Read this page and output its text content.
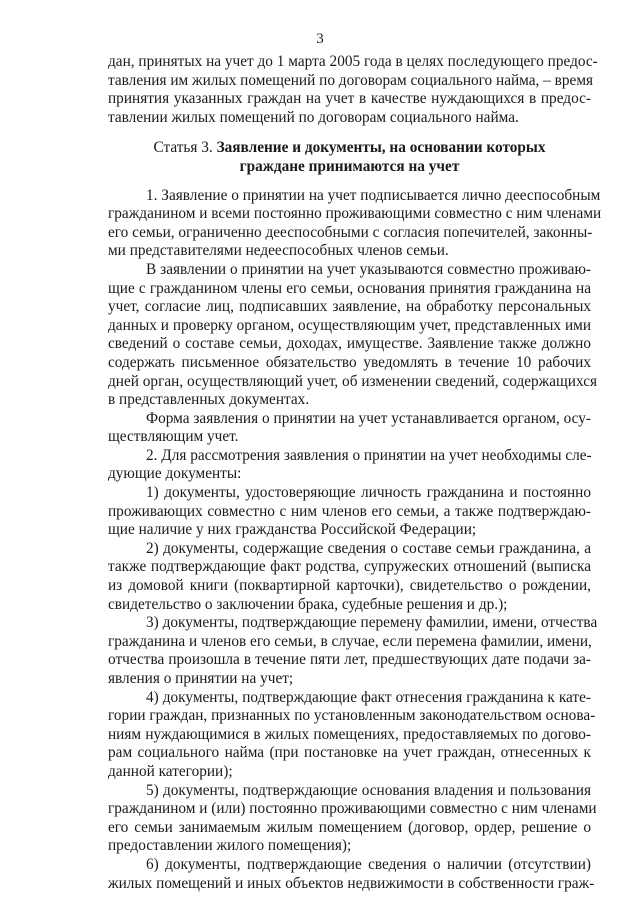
3
дан, принятых на учет до 1 марта 2005 года в целях последующего предос-
тавления им жилых помещений по договорам социального найма, – время
принятия указанных граждан на учет в качестве нуждающихся в предос-
тавлении жилых помещений по договорам социального найма.
Статья 3. Заявление и документы, на основании которых
граждане принимаются на учет
1. Заявление о принятии на учет подписывается лично дееспособным
гражданином и всеми постоянно проживающими совместно с ним членами
его семьи, ограниченно дееспособными с согласия попечителей, законны-
ми представителями недееспособных членов семьи.
В заявлении о принятии на учет указываются совместно проживаю-
щие с гражданином члены его семьи, основания принятия гражданина на
учет, согласие лиц, подписавших заявление, на обработку персональных
данных и проверку органом, осуществляющим учет, представленных ими
сведений о составе семьи, доходах, имуществе. Заявление также должно
содержать письменное обязательство уведомлять в течение 10 рабочих
дней орган, осуществляющий учет, об изменении сведений, содержащихся
в представленных документах.
Форма заявления о принятии на учет устанавливается органом, осу-
ществляющим учет.
2. Для рассмотрения заявления о принятии на учет необходимы сле-
дующие документы:
1) документы, удостоверяющие личность гражданина и постоянно
проживающих совместно с ним членов его семьи, а также подтверждаю-
щие наличие у них гражданства Российской Федерации;
2) документы, содержащие сведения о составе семьи гражданина, а
также подтверждающие факт родства, супружеских отношений (выписка
из домовой книги (поквартирной карточки), свидетельство о рождении,
свидетельство о заключении брака, судебные решения и др.);
3) документы, подтверждающие перемену фамилии, имени, отчества
гражданина и членов его семьи, в случае, если перемена фамилии, имени,
отчества произошла в течение пяти лет, предшествующих дате подачи за-
явления о принятии на учет;
4) документы, подтверждающие факт отнесения гражданина к кате-
гории граждан, признанных по установленным законодательством основа-
ниям нуждающимися в жилых помещениях, предоставляемых по догово-
рам социального найма (при постановке на учет граждан, отнесенных к
данной категории);
5) документы, подтверждающие основания владения и пользования
гражданином и (или) постоянно проживающими совместно с ним членами
его семьи занимаемым жилым помещением (договор, ордер, решение о
предоставлении жилого помещения);
6) документы, подтверждающие сведения о наличии (отсутствии)
жилых помещений и иных объектов недвижимости в собственности граж-
